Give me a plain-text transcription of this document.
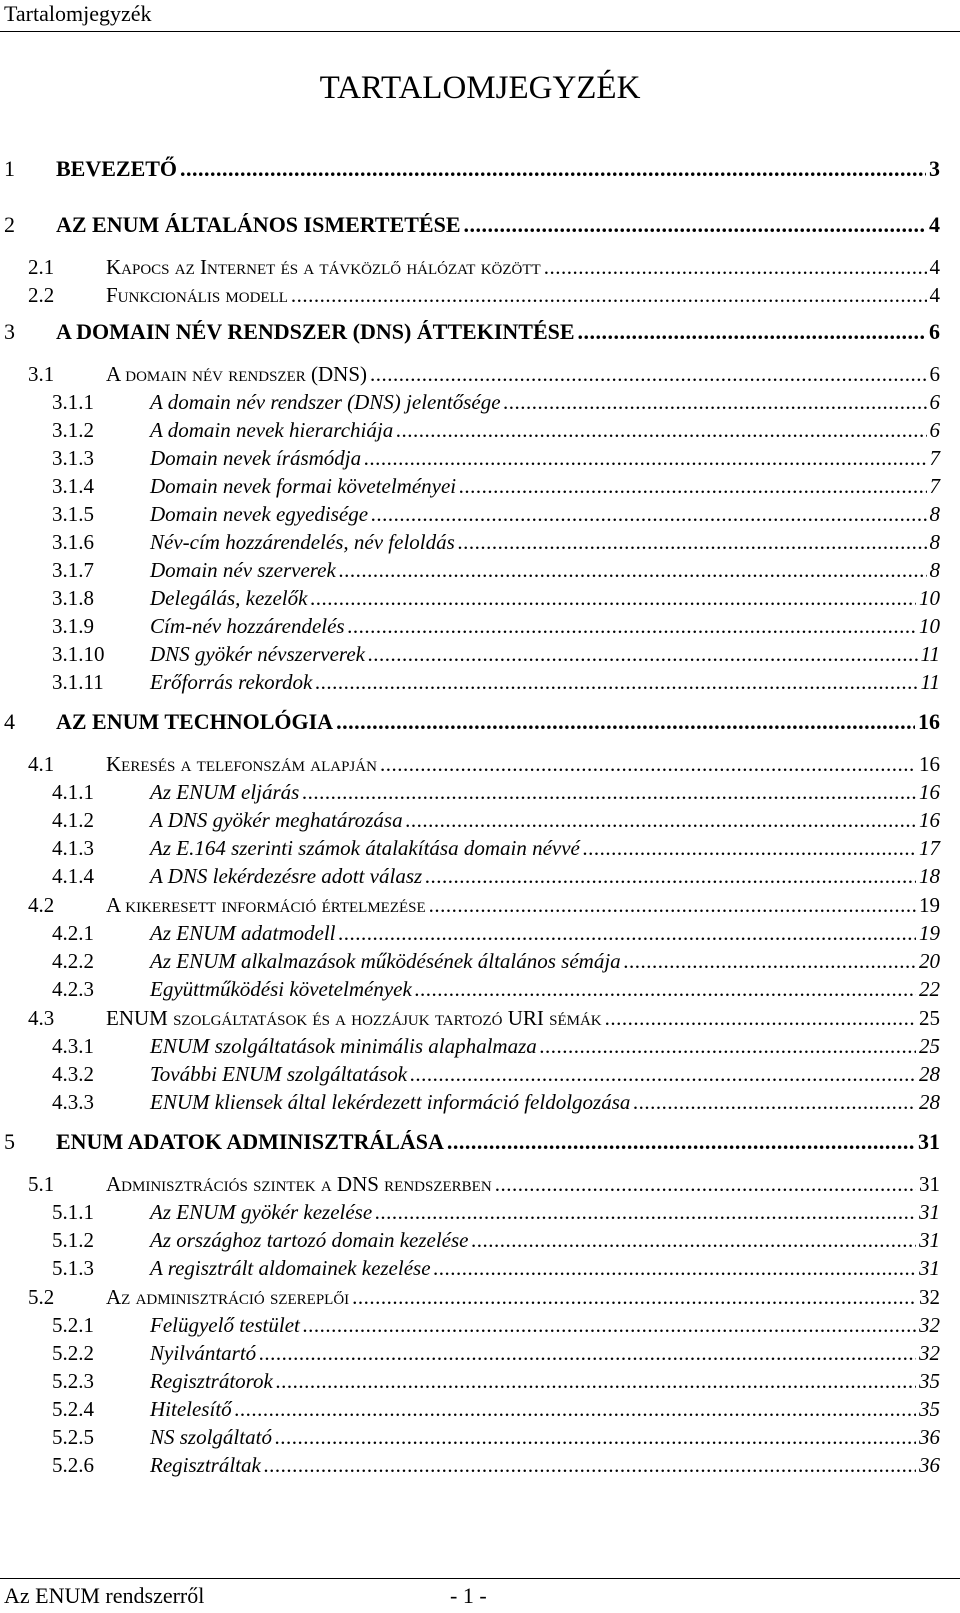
Tartalomjegyzék
TARTALOMJEGYZÉK
1	BEVEZETŐ .....	3
2	AZ ENUM ÁLTALÁNOS ISMERTETÉSE .....	4
2.1	Kapocs az Internet és a távközlő hálózat között .....	4
2.2	Funkcionális modell .....	4
3	A DOMAIN NÉV RENDSZER (DNS) ÁTTEKINTÉSE .....	6
3.1	A domain név rendszer (DNS) .....	6
3.1.1	A domain név rendszer (DNS) jelentősége .....	6
3.1.2	A domain nevek hierarchiája .....	6
3.1.3	Domain nevek írásmódja .....	7
3.1.4	Domain nevek formai követelményei .....	7
3.1.5	Domain nevek egyedisége .....	8
3.1.6	Név-cím hozzárendelés, név feloldás .....	8
3.1.7	Domain név szerverek .....	8
3.1.8	Delegálás, kezelők .....	10
3.1.9	Cím-név hozzárendelés .....	10
3.1.10	DNS gyökér névszerverek .....	11
3.1.11	Erőforrás rekordok .....	11
4	AZ ENUM TECHNOLÓGIA .....	16
4.1	Keresés a telefonszám alapján .....	16
4.1.1	Az ENUM eljárás .....	16
4.1.2	A DNS gyökér meghatározása .....	16
4.1.3	Az E.164 szerinti számok átalakítása domain névvé .....	17
4.1.4	A DNS lekérdezésre adott válasz .....	18
4.2	A kikeresett információ értelmezése .....	19
4.2.1	Az ENUM adatmodell .....	19
4.2.2	Az ENUM alkalmazások működésének általános sémája .....	20
4.2.3	Együttműködési követelmények .....	22
4.3	ENUM szolgáltatások és a hozzájuk tartozó URI sémák .....	25
4.3.1	ENUM szolgáltatások minimális alaphalmaza .....	25
4.3.2	További ENUM szolgáltatások .....	28
4.3.3	ENUM kliensek által lekérdezett információ feldolgozása .....	28
5	ENUM ADATOK ADMINISZTRÁLÁSA .....	31
5.1	Adminisztrációs szintek a DNS rendszerben .....	31
5.1.1	Az ENUM gyökér kezelése .....	31
5.1.2	Az országhoz tartozó domain kezelése .....	31
5.1.3	A regisztrált aldomainek kezelése .....	31
5.2	Az adminisztráció szereplői .....	32
5.2.1	Felügyelő testület .....	32
5.2.2	Nyilvántartó .....	32
5.2.3	Regisztrátorok .....	35
5.2.4	Hitelesítő .....	35
5.2.5	NS szolgáltató .....	36
5.2.6	Regisztráltak .....	36
Az ENUM rendszerről	- 1 -
